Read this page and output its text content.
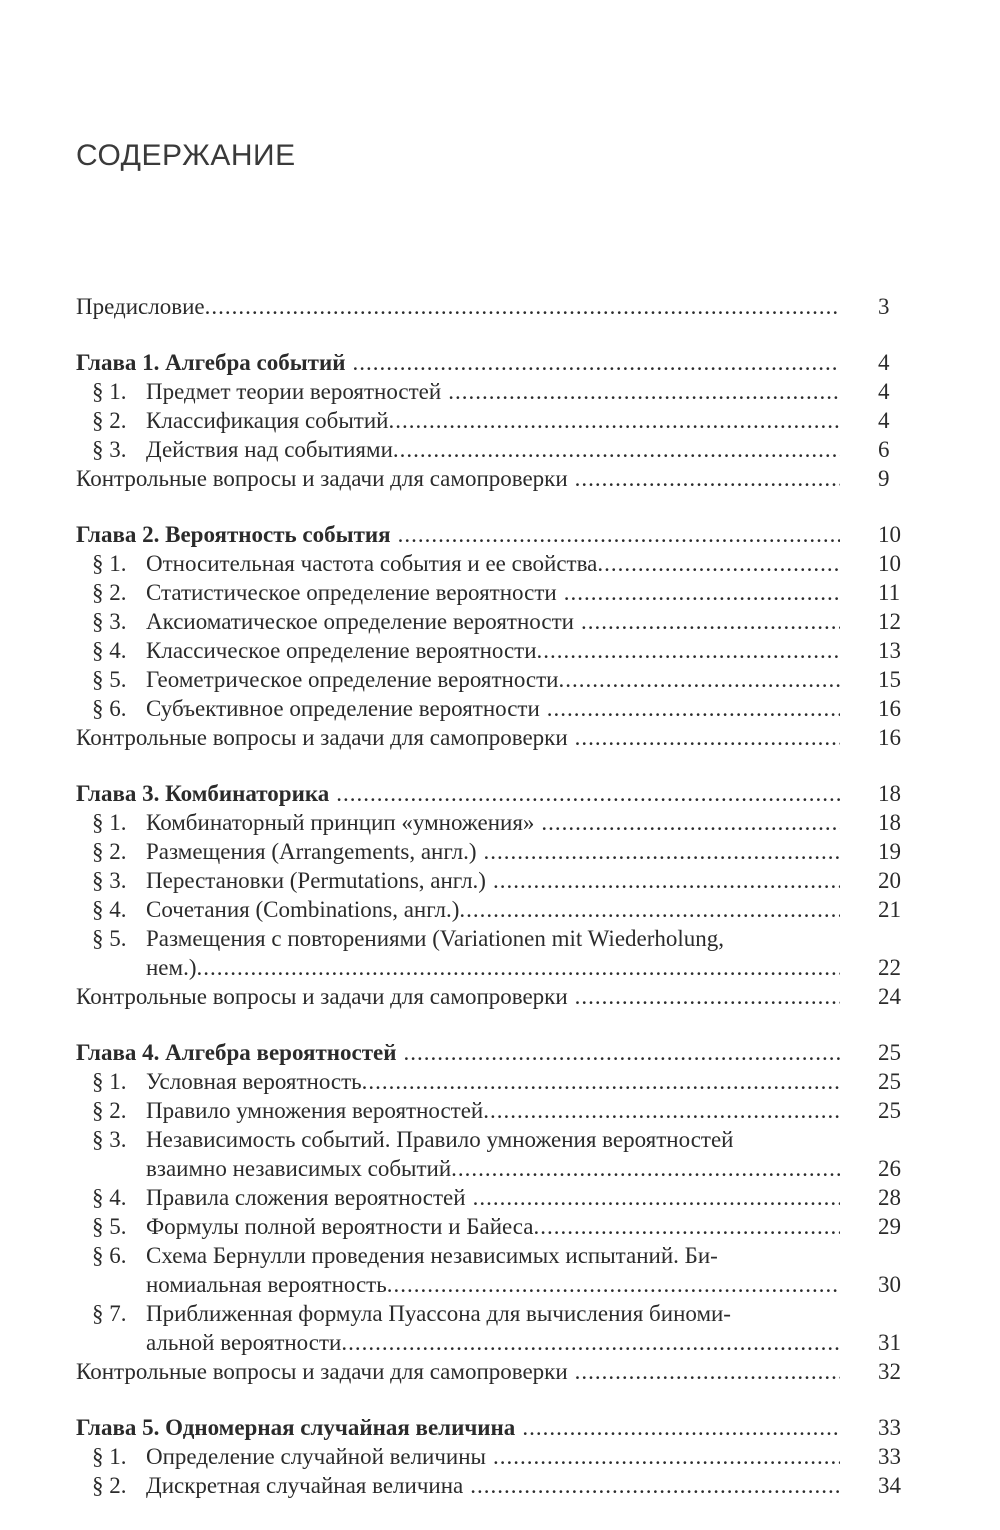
СОДЕРЖАНИЕ
Предисловие .....	3
Глава 1. Алгебра событий .....	4
§ 1. Предмет теории вероятностей .....	4
§ 2. Классификация событий .....	4
§ 3. Действия над событиями .....	6
Контрольные вопросы и задачи для самопроверки .....	9
Глава 2. Вероятность события .....	10
§ 1. Относительная частота события и ее свойства .....	10
§ 2. Статистическое определение вероятности .....	11
§ 3. Аксиоматическое определение вероятности .....	12
§ 4. Классическое определение вероятности .....	13
§ 5. Геометрическое определение вероятности .....	15
§ 6. Субъективное определение вероятности .....	16
Контрольные вопросы и задачи для самопроверки .....	16
Глава 3. Комбинаторика .....	18
§ 1. Комбинаторный принцип «умножения» .....	18
§ 2. Размещения (Arrangements, англ.) .....	19
§ 3. Перестановки (Permutations, англ.) .....	20
§ 4. Сочетания (Combinations, англ.) .....	21
§ 5. Размещения с повторениями (Variationen mit Wiederholung,
нем.) .....	22
Контрольные вопросы и задачи для самопроверки .....	24
Глава 4. Алгебра вероятностей .....	25
§ 1. Условная вероятность .....	25
§ 2. Правило умножения вероятностей .....	25
§ 3. Независимость событий. Правило умножения вероятностей
взаимно независимых событий .....	26
§ 4. Правила сложения вероятностей .....	28
§ 5. Формулы полной вероятности и Байеса .....	29
§ 6. Схема Бернулли проведения независимых испытаний. Би-
номиальная вероятность .....	30
§ 7. Приближенная формула Пуассона для вычисления биноми-
альной вероятности .....	31
Контрольные вопросы и задачи для самопроверки .....	32
Глава 5. Одномерная случайная величина .....	33
§ 1. Определение случайной величины .....	33
§ 2. Дискретная случайная величина .....	34
